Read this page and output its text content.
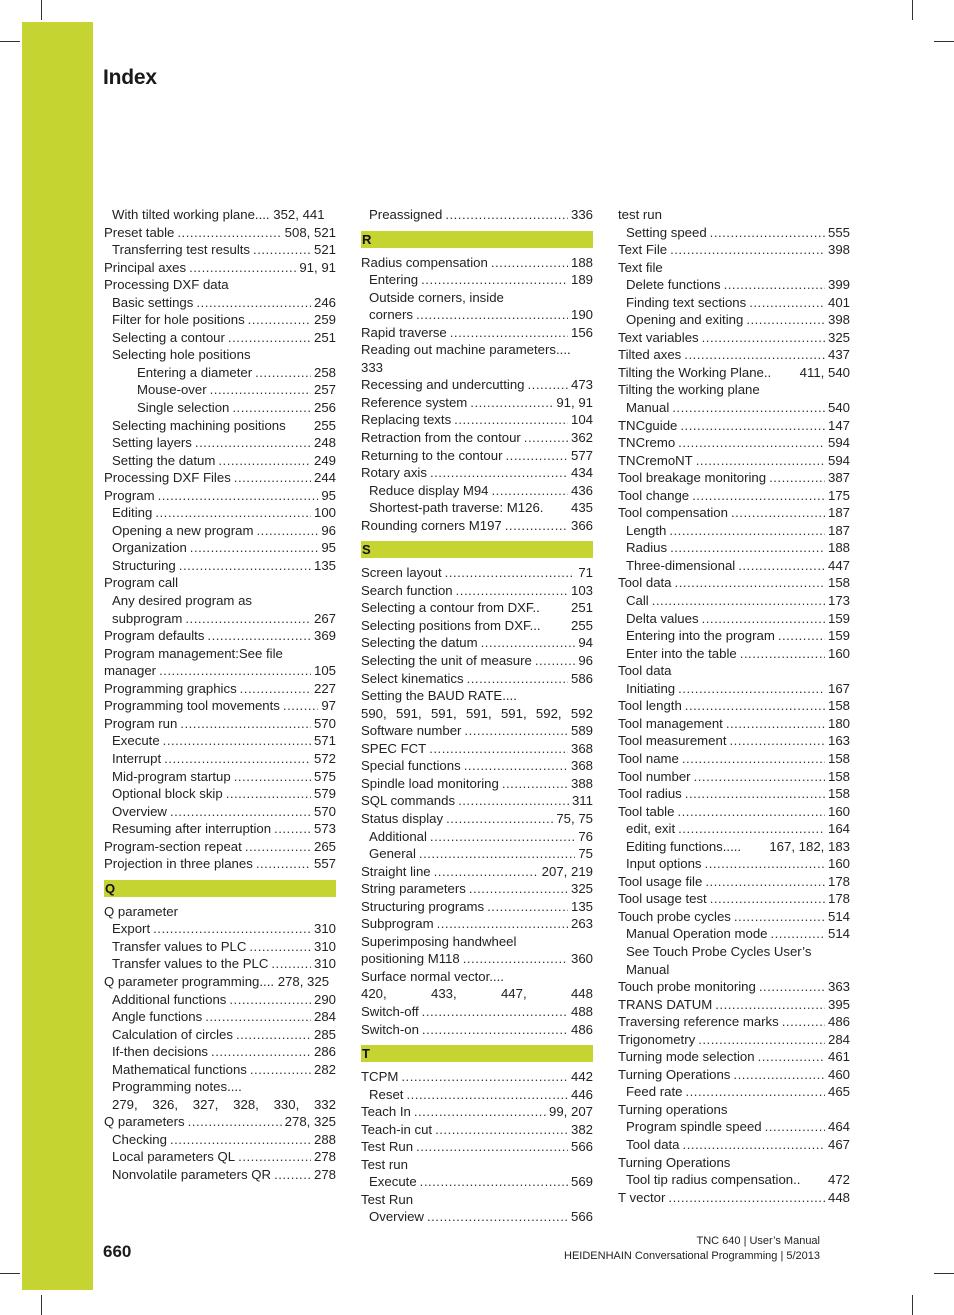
Index
With tilted working plane.... 352, 441
Preset table .....	508, 521
Transferring test results .....	521
Principal axes .....	91, 91
Processing DXF data
Basic settings .....	246
Filter for hole positions .....	259
Selecting a contour .....	251
Selecting hole positions
Entering a diameter .....	258
Mouse-over .....	257
Single selection .....	256
Selecting machining positions 255
Setting layers .....	248
Setting the datum .....	249
Processing DXF Files .....	244
Program .....	95
Editing .....	100
Opening a new program .....	96
Organization .....	95
Structuring .....	135
Program call
Any desired program as
subprogram .....	267
Program defaults .....	369
Program management:See file
manager .....	105
Programming graphics .....	227
Programming tool movements .....	97
Program run .....	570
Execute .....	571
Interrupt .....	572
Mid-program startup .....	575
Optional block skip .....	579
Overview .....	570
Resuming after interruption .....	573
Program-section repeat .....	265
Projection in three planes .....	557
Q
Q parameter
Export .....	310
Transfer values to PLC .....	310
Transfer values to the PLC .....	310
Q parameter programming.... 278, 325
Additional functions .....	290
Angle functions .....	284
Calculation of circles .....	285
If-then decisions .....	286
Mathematical functions .....	282
Programming notes....
279, 326, 327, 328, 330, 332
Q parameters .....	278, 325
Checking .....	288
Local parameters QL .....	278
Nonvolatile parameters QR .....	278
Preassigned .....	336
R
Radius compensation .....	188
Entering .....	189
Outside corners, inside
corners .....	190
Rapid traverse .....	156
Reading out machine parameters.... 333
Recessing and undercutting .....	473
Reference system .....	91, 91
Replacing texts .....	104
Retraction from the contour .....	362
Returning to the contour .....	577
Rotary axis .....	434
Reduce display M94 .....	436
Shortest-path traverse: M126. 435
Rounding corners M197 .....	366
S
Screen layout .....	71
Search function .....	103
Selecting a contour from DXF.. 251
Selecting positions from DXF... 255
Selecting the datum .....	94
Selecting the unit of measure .....	96
Select kinematics .....	586
Setting the BAUD RATE....
590, 591, 591, 591, 591, 592, 592
Software number .....	589
SPEC FCT .....	368
Special functions .....	368
Spindle load monitoring .....	388
SQL commands .....	311
Status display .....	75, 75
Additional .....	76
General .....	75
Straight line .....	207, 219
String parameters .....	325
Structuring programs .....	135
Subprogram .....	263
Superimposing handwheel
positioning M118 .....	360
Surface normal vector....
420,	433,	447,	448
Switch-off .....	488
Switch-on .....	486
T
TCPM .....	442
Reset .....	446
Teach In .....	99, 207
Teach-in cut .....	382
Test Run .....	566
Test run
Execute .....	569
Test Run
Overview .....	566
test run
Setting speed .....	555
Text File .....	398
Text file
Delete functions .....	399
Finding text sections .....	401
Opening and exiting .....	398
Text variables .....	325
Tilted axes .....	437
Tilting the Working Plane.. 411, 540
Tilting the working plane
Manual .....	540
TNCguide .....	147
TNCremo .....	594
TNCremoNT .....	594
Tool breakage monitoring .....	387
Tool change .....	175
Tool compensation .....	187
Length .....	187
Radius .....	188
Three-dimensional .....	447
Tool data .....	158
Call .....	173
Delta values .....	159
Entering into the program .....	159
Enter into the table .....	160
Tool data
Initiating .....	167
Tool length .....	158
Tool management .....	180
Tool measurement .....	163
Tool name .....	158
Tool number .....	158
Tool radius .....	158
Tool table .....	160
edit, exit .....	164
Editing functions..... 167, 182, 183
Input options .....	160
Tool usage file .....	178
Tool usage test .....	178
Touch probe cycles .....	514
Manual Operation mode .....	514
See Touch Probe Cycles User’s
Manual
Touch probe monitoring .....	363
TRANS DATUM .....	395
Traversing reference marks .....	486
Trigonometry .....	284
Turning mode selection .....	461
Turning Operations .....	460
Feed rate .....	465
Turning operations
Program spindle speed .....	464
Tool data .....	467
Turning Operations
Tool tip radius compensation.. 472
T vector .....	448
660
TNC 640 | User’s Manual
HEIDENHAIN Conversational Programming | 5/2013
